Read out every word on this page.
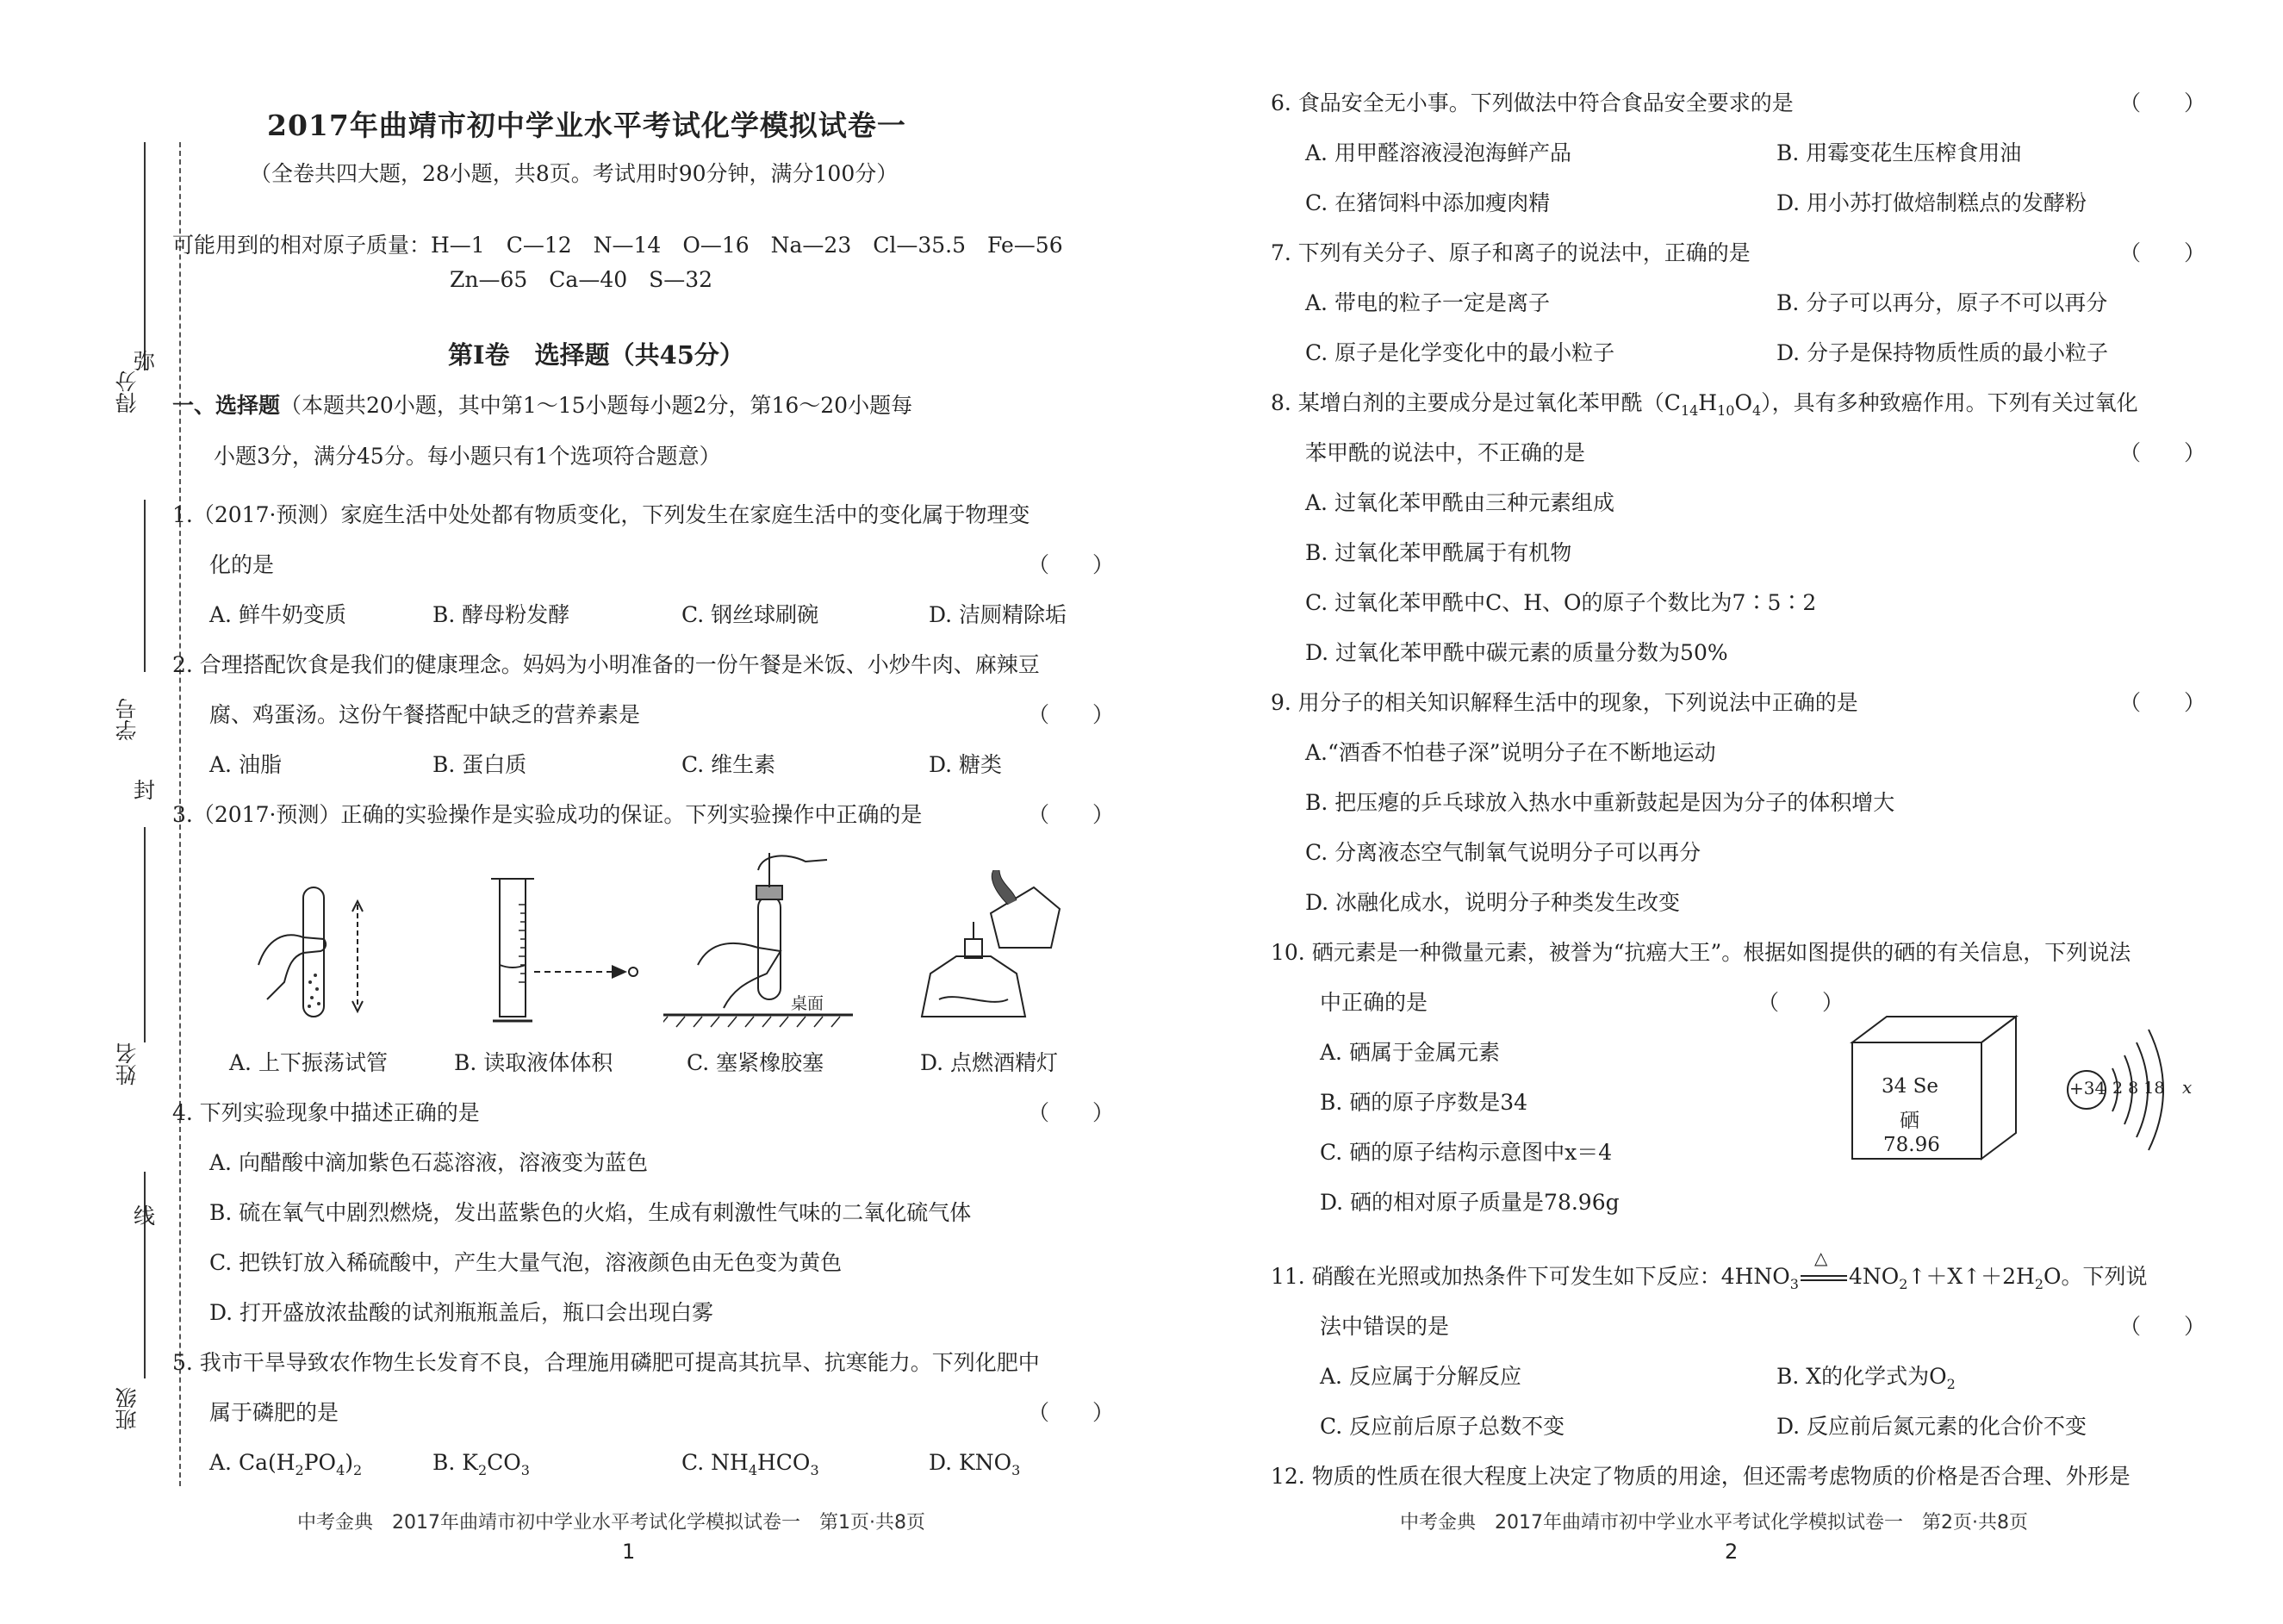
得分
学号
姓名
班级
弥
封
线
2017年曲靖市初中学业水平考试化学模拟试卷一
（全卷共四大题，28小题，共8页。考试用时90分钟，满分100分）
可能用到的相对原子质量：H—1　C—12　N—14　O—16　Na—23　Cl—35.5　Fe—56
Zn—65　Ca—40　S—32
第Ⅰ卷　选择题（共45分）
一、选择题（本题共20小题，其中第1～15小题每小题2分，第16～20小题每
小题3分，满分45分。每小题只有1个选项符合题意）
1.（2017·预测）家庭生活中处处都有物质变化，下列发生在家庭生活中的变化属于物理变
化的是	（　　）
A. 鲜牛奶变质	B. 酵母粉发酵	C. 钢丝球刷碗	D. 洁厕精除垢
2. 合理搭配饮食是我们的健康理念。妈妈为小明准备的一份午餐是米饭、小炒牛肉、麻辣豆
腐、鸡蛋汤。这份午餐搭配中缺乏的营养素是	（　　）
A. 油脂	B. 蛋白质	C. 维生素	D. 糖类
3.（2017·预测）正确的实验操作是实验成功的保证。下列实验操作中正确的是	（　　）
桌面
A. 上下振荡试管	B. 读取液体体积	C. 塞紧橡胶塞	D. 点燃酒精灯
4. 下列实验现象中描述正确的是	（　　）
A. 向醋酸中滴加紫色石蕊溶液，溶液变为蓝色
B. 硫在氧气中剧烈燃烧，发出蓝紫色的火焰，生成有刺激性气味的二氧化硫气体
C. 把铁钉放入稀硫酸中，产生大量气泡，溶液颜色由无色变为黄色
D. 打开盛放浓盐酸的试剂瓶瓶盖后，瓶口会出现白雾
5. 我市干旱导致农作物生长发育不良，合理施用磷肥可提高其抗旱、抗寒能力。下列化肥中
属于磷肥的是	（　　）
A. $Ca(H_2PO_4)_2$	B. $K_2CO_3$	C. $NH_4HCO_3$	D. $KNO_3$
中考金典　2017年曲靖市初中学业水平考试化学模拟试卷一　第1页·共8页
1
6. 食品安全无小事。下列做法中符合食品安全要求的是	（　　）
A. 用甲醛溶液浸泡海鲜产品	B. 用霉变花生压榨食用油
C. 在猪饲料中添加瘦肉精	D. 用小苏打做焙制糕点的发酵粉
7. 下列有关分子、原子和离子的说法中，正确的是	（　　）
A. 带电的粒子一定是离子	B. 分子可以再分，原子不可以再分
C. 原子是化学变化中的最小粒子	D. 分子是保持物质性质的最小粒子
8. 某增白剂的主要成分是过氧化苯甲酰$(C_{14}H_{10}O_4)$，具有多种致癌作用。下列有关过氧化
苯甲酰的说法中，不正确的是	（　　）
A. 过氧化苯甲酰由三种元素组成
B. 过氧化苯甲酰属于有机物
C. 过氧化苯甲酰中C、H、O的原子个数比为7∶5∶2
D. 过氧化苯甲酰中碳元素的质量分数为50%
9. 用分子的相关知识解释生活中的现象，下列说法中正确的是	（　　）
A.“酒香不怕巷子深”说明分子在不断地运动
B. 把压瘪的乒乓球放入热水中重新鼓起是因为分子的体积增大
C. 分离液态空气制氧气说明分子可以再分
D. 冰融化成水，说明分子种类发生改变
10. 硒元素是一种微量元素，被誉为“抗癌大王”。根据如图提供的硒的有关信息，下列说法
中正确的是	（　　）
A. 硒属于金属元素
B. 硒的原子序数是34
C. 硒的原子结构示意图中x＝4
D. 硒的相对原子质量是78.96g
34 Se
硒
78.96
+34 2 8 18 x
11. 硝酸在光照或加热条件下可发生如下反应：$4HNO_3$
△
$4NO_2↑+X↑+2H_2O$。下列说
法中错误的是	（　　）
A. 反应属于分解反应	B. X的化学式为$O_2$
C. 反应前后原子总数不变	D. 反应前后氮元素的化合价不变
12. 物质的性质在很大程度上决定了物质的用途，但还需考虑物质的价格是否合理、外形是
中考金典　2017年曲靖市初中学业水平考试化学模拟试卷一　第2页·共8页
2
